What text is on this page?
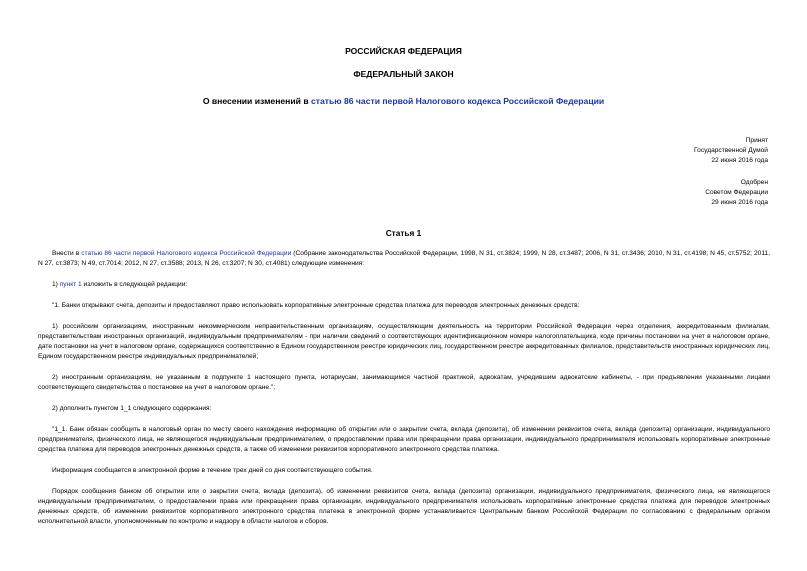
РОССИЙСКАЯ ФЕДЕРАЦИЯ

ФЕДЕРАЛЬНЫЙ ЗАКОН

О внесении изменений в статью 86 части первой Налогового кодекса Российской Федерации

Принят
Государственной Думой
22 июня 2016 года
Одобрен
Советом Федерации
29 июня 2016 года

Статья 1

Внести в статью 86 части первой Налогового кодекса Российской Федерации (Собрание законодательства Российской Федерации, 1998, N 31, ст.3824; 1999, N 28, ст.3487; 2006, N 31, ст.3436; 2010, N 31, ст.4198; N 45, ст.5752; 2011, N 27, ст.3873; N 49, ст.7014; 2012, N 27, ст.3588; 2013, N 26, ст.3207; N 30, ст.4081) следующие изменения:

1) пункт 1 изложить в следующей редакции:

"1. Банки открывают счета, депозиты и предоставляют право использовать корпоративные электронные средства платежа для переводов электронных денежных средств:

1) российским организациям, иностранным некоммерческим неправительственным организациям, осуществляющим деятельность на территории Российской Федерации через отделения, аккредитованным филиалам, представительствам иностранных организаций, индивидуальным предпринимателям - при наличии сведений о соответствующих идентификационном номере налогоплательщика, коде причины постановки на учет в налоговом органе, дате постановки на учет в налоговом органе, содержащихся соответственно в Едином государственном реестре юридических лиц, государственном реестре аккредитованных филиалов, представительств иностранных юридических лиц, Едином государственном реестре индивидуальных предпринимателей;

2) иностранным организациям, не указанным в подпункте 1 настоящего пункта, нотариусам, занимающимся частной практикой, адвокатам, учредившим адвокатские кабинеты, - при предъявлении указанными лицами соответствующего свидетельства о постановке на учет в налоговом органе.";

2) дополнить пунктом 1_1 следующего содержания:

"1_1. Банк обязан сообщить в налоговый орган по месту своего нахождения информацию об открытии или о закрытии счета, вклада (депозита), об изменении реквизитов счета, вклада (депозита) организации, индивидуального предпринимателя, физического лица, не являющегося индивидуальным предпринимателем, о предоставлении права или прекращении права организации, индивидуального предпринимателя использовать корпоративные электронные средства платежа для переводов электронных денежных средств, а также об изменении реквизитов корпоративного электронного средства платежа.

Информация сообщается в электронной форме в течение трех дней со дня соответствующего события.

Порядок сообщения банком об открытии или о закрытии счета, вклада (депозита), об изменении реквизитов счета, вклада (депозита) организации, индивидуального предпринимателя, физического лица, не являющегося индивидуальным предпринимателем, о предоставлении права или прекращении права организации, индивидуального предпринимателя использовать корпоративные электронные средства платежа для переводов электронных денежных средств, об изменении реквизитов корпоративного электронного средства платежа в электронной форме устанавливается Центральным банком Российской Федерации по согласованию с федеральным органом исполнительной власти, уполномоченным по контролю и надзору в области налогов и сборов.
